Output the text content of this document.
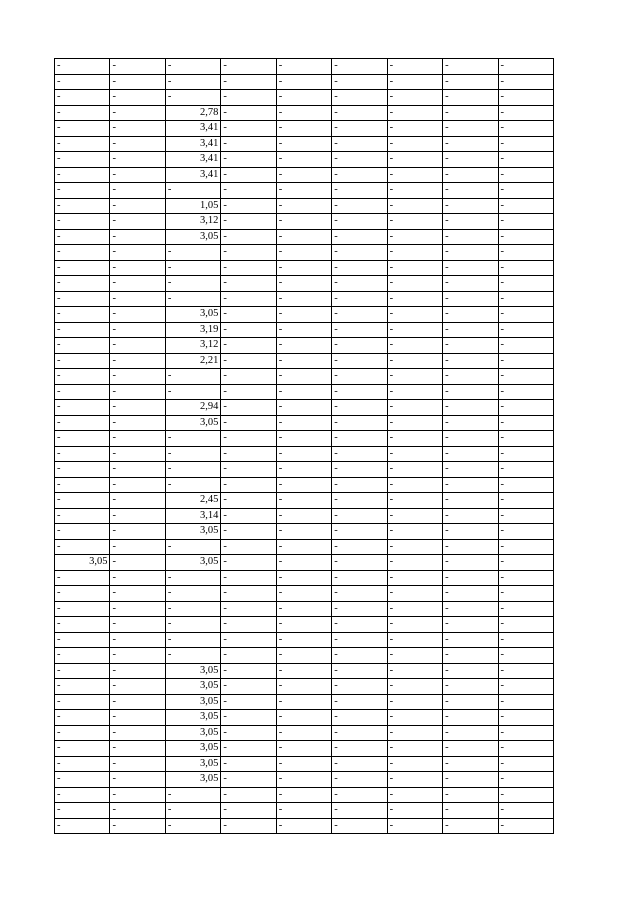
-	-	-	-	-	-	-	-	-
-	-	-	-	-	-	-	-	-
-	-	-	-	-	-	-	-	-
-	-	2,78	-	-	-	-	-	-
-	-	3,41	-	-	-	-	-	-
-	-	3,41	-	-	-	-	-	-
-	-	3,41	-	-	-	-	-	-
-	-	3,41	-	-	-	-	-	-
-	-	-	-	-	-	-	-	-
-	-	1,05	-	-	-	-	-	-
-	-	3,12	-	-	-	-	-	-
-	-	3,05	-	-	-	-	-	-
-	-	-	-	-	-	-	-	-
-	-	-	-	-	-	-	-	-
-	-	-	-	-	-	-	-	-
-	-	-	-	-	-	-	-	-
-	-	3,05	-	-	-	-	-	-
-	-	3,19	-	-	-	-	-	-
-	-	3,12	-	-	-	-	-	-
-	-	2,21	-	-	-	-	-	-
-	-	-	-	-	-	-	-	-
-	-	-	-	-	-	-	-	-
-	-	2,94	-	-	-	-	-	-
-	-	3,05	-	-	-	-	-	-
-	-	-	-	-	-	-	-	-
-	-	-	-	-	-	-	-	-
-	-	-	-	-	-	-	-	-
-	-	-	-	-	-	-	-	-
-	-	2,45	-	-	-	-	-	-
-	-	3,14	-	-	-	-	-	-
-	-	3,05	-	-	-	-	-	-
-	-	-	-	-	-	-	-	-
3,05	-	3,05	-	-	-	-	-	-
-	-	-	-	-	-	-	-	-
-	-	-	-	-	-	-	-	-
-	-	-	-	-	-	-	-	-
-	-	-	-	-	-	-	-	-
-	-	-	-	-	-	-	-	-
-	-	-	-	-	-	-	-	-
-	-	3,05	-	-	-	-	-	-
-	-	3,05	-	-	-	-	-	-
-	-	3,05	-	-	-	-	-	-
-	-	3,05	-	-	-	-	-	-
-	-	3,05	-	-	-	-	-	-
-	-	3,05	-	-	-	-	-	-
-	-	3,05	-	-	-	-	-	-
-	-	3,05	-	-	-	-	-	-
-	-	-	-	-	-	-	-	-
-	-	-	-	-	-	-	-	-
-	-	-	-	-	-	-	-	-
